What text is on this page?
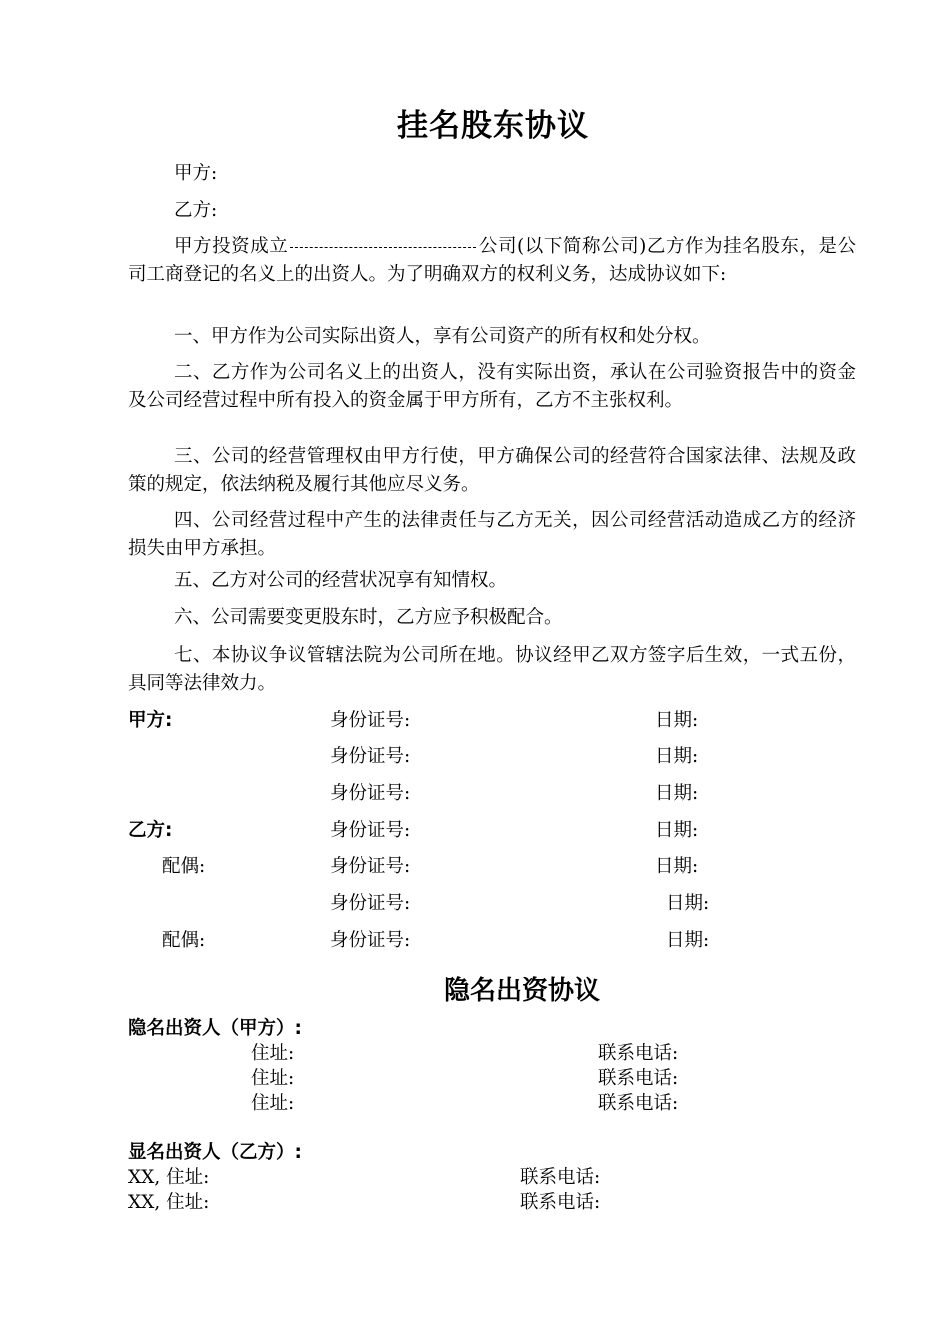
挂名股东协议
甲方:
乙方:
甲方投资成立	公司(以下简称公司)乙方作为挂名股东，是公司工商登记的名义上的出资人。为了明确双方的权利义务，达成协议如下:
一、甲方作为公司实际出资人，享有公司资产的所有权和处分权。
二、乙方作为公司名义上的出资人，没有实际出资，承认在公司验资报告中的资金及公司经营过程中所有投入的资金属于甲方所有，乙方不主张权利。
三、公司的经营管理权由甲方行使，甲方确保公司的经营符合国家法律、法规及政策的规定，依法纳税及履行其他应尽义务。
四、公司经营过程中产生的法律责任与乙方无关，因公司经营活动造成乙方的经济损失由甲方承担。
五、乙方对公司的经营状况享有知情权。
六、公司需要变更股东时，乙方应予积极配合。
七、本协议争议管辖法院为公司所在地。协议经甲乙双方签字后生效，一式五份，具同等法律效力。
甲方:	身份证号:	日期:
身份证号:	日期:
身份证号:	日期:
乙方:	身份证号:	日期:
配偶:	身份证号:	日期:
身份证号:	日期:
配偶:	身份证号:	日期:
隐名出资协议
隐名出资人（甲方）:
住址:	联系电话:
住址:	联系电话:
住址:	联系电话:
显名出资人（乙方）:
XX, 住址:	联系电话:
XX, 住址:	联系电话:
